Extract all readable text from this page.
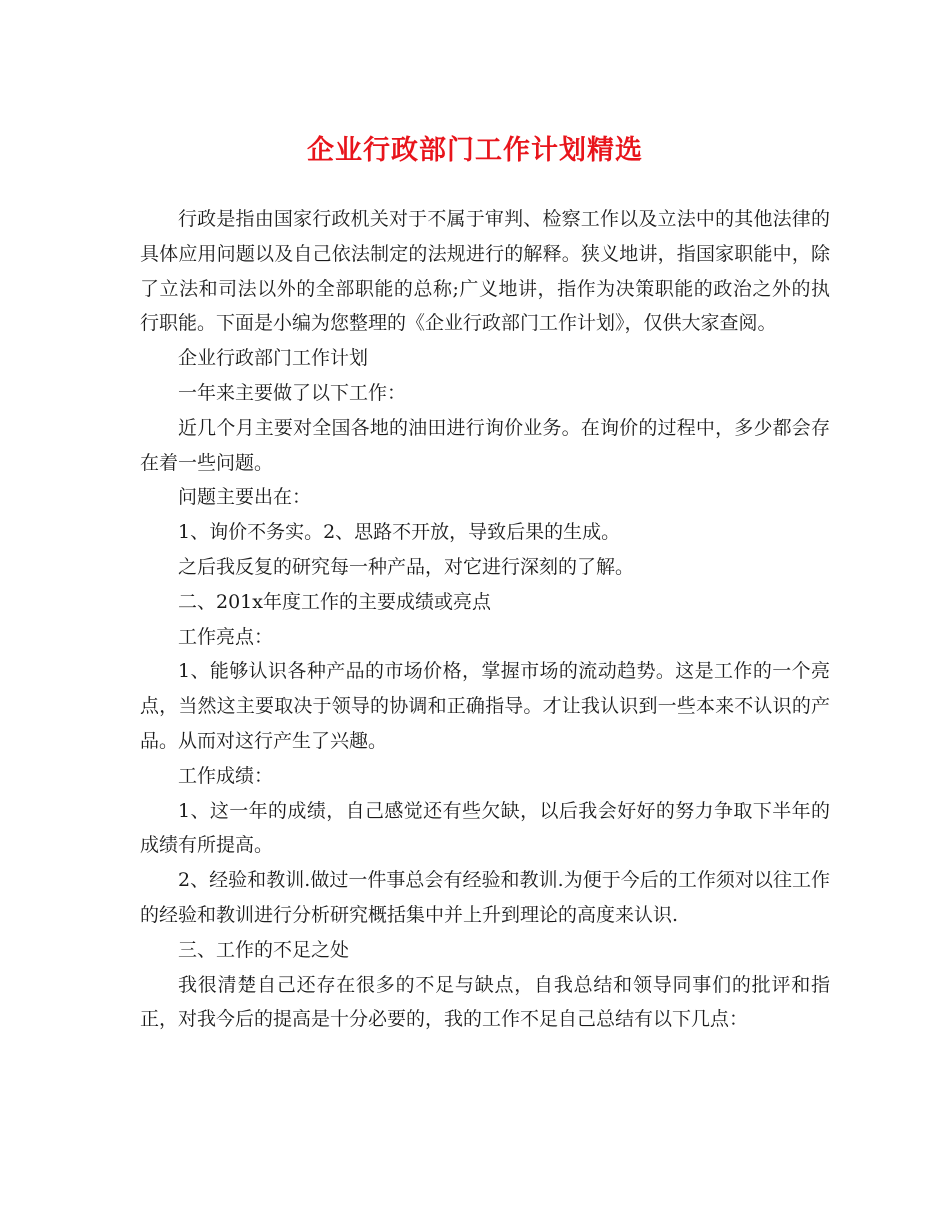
企业行政部门工作计划精选

行政是指由国家行政机关对于不属于审判、检察工作以及立法中的其他法律的具体应用问题以及自己依法制定的法规进行的解释。狭义地讲，指国家职能中，除了立法和司法以外的全部职能的总称;广义地讲，指作为决策职能的政治之外的执行职能。下面是小编为您整理的《企业行政部门工作计划》，仅供大家查阅。

企业行政部门工作计划

一年来主要做了以下工作：

近几个月主要对全国各地的油田进行询价业务。在询价的过程中，多少都会存在着一些问题。

问题主要出在：

1、询价不务实。2、思路不开放，导致后果的生成。

之后我反复的研究每一种产品，对它进行深刻的了解。

二、201x年度工作的主要成绩或亮点

工作亮点：

1、能够认识各种产品的市场价格，掌握市场的流动趋势。这是工作的一个亮点，当然这主要取决于领导的协调和正确指导。才让我认识到一些本来不认识的产品。从而对这行产生了兴趣。

工作成绩：

1、这一年的成绩，自己感觉还有些欠缺，以后我会好好的努力争取下半年的成绩有所提高。

2、经验和教训.做过一件事总会有经验和教训.为便于今后的工作须对以往工作的经验和教训进行分析研究概括集中并上升到理论的高度来认识.

三、工作的不足之处

我很清楚自己还存在很多的不足与缺点，自我总结和领导同事们的批评和指正，对我今后的提高是十分必要的，我的工作不足自己总结有以下几点：
